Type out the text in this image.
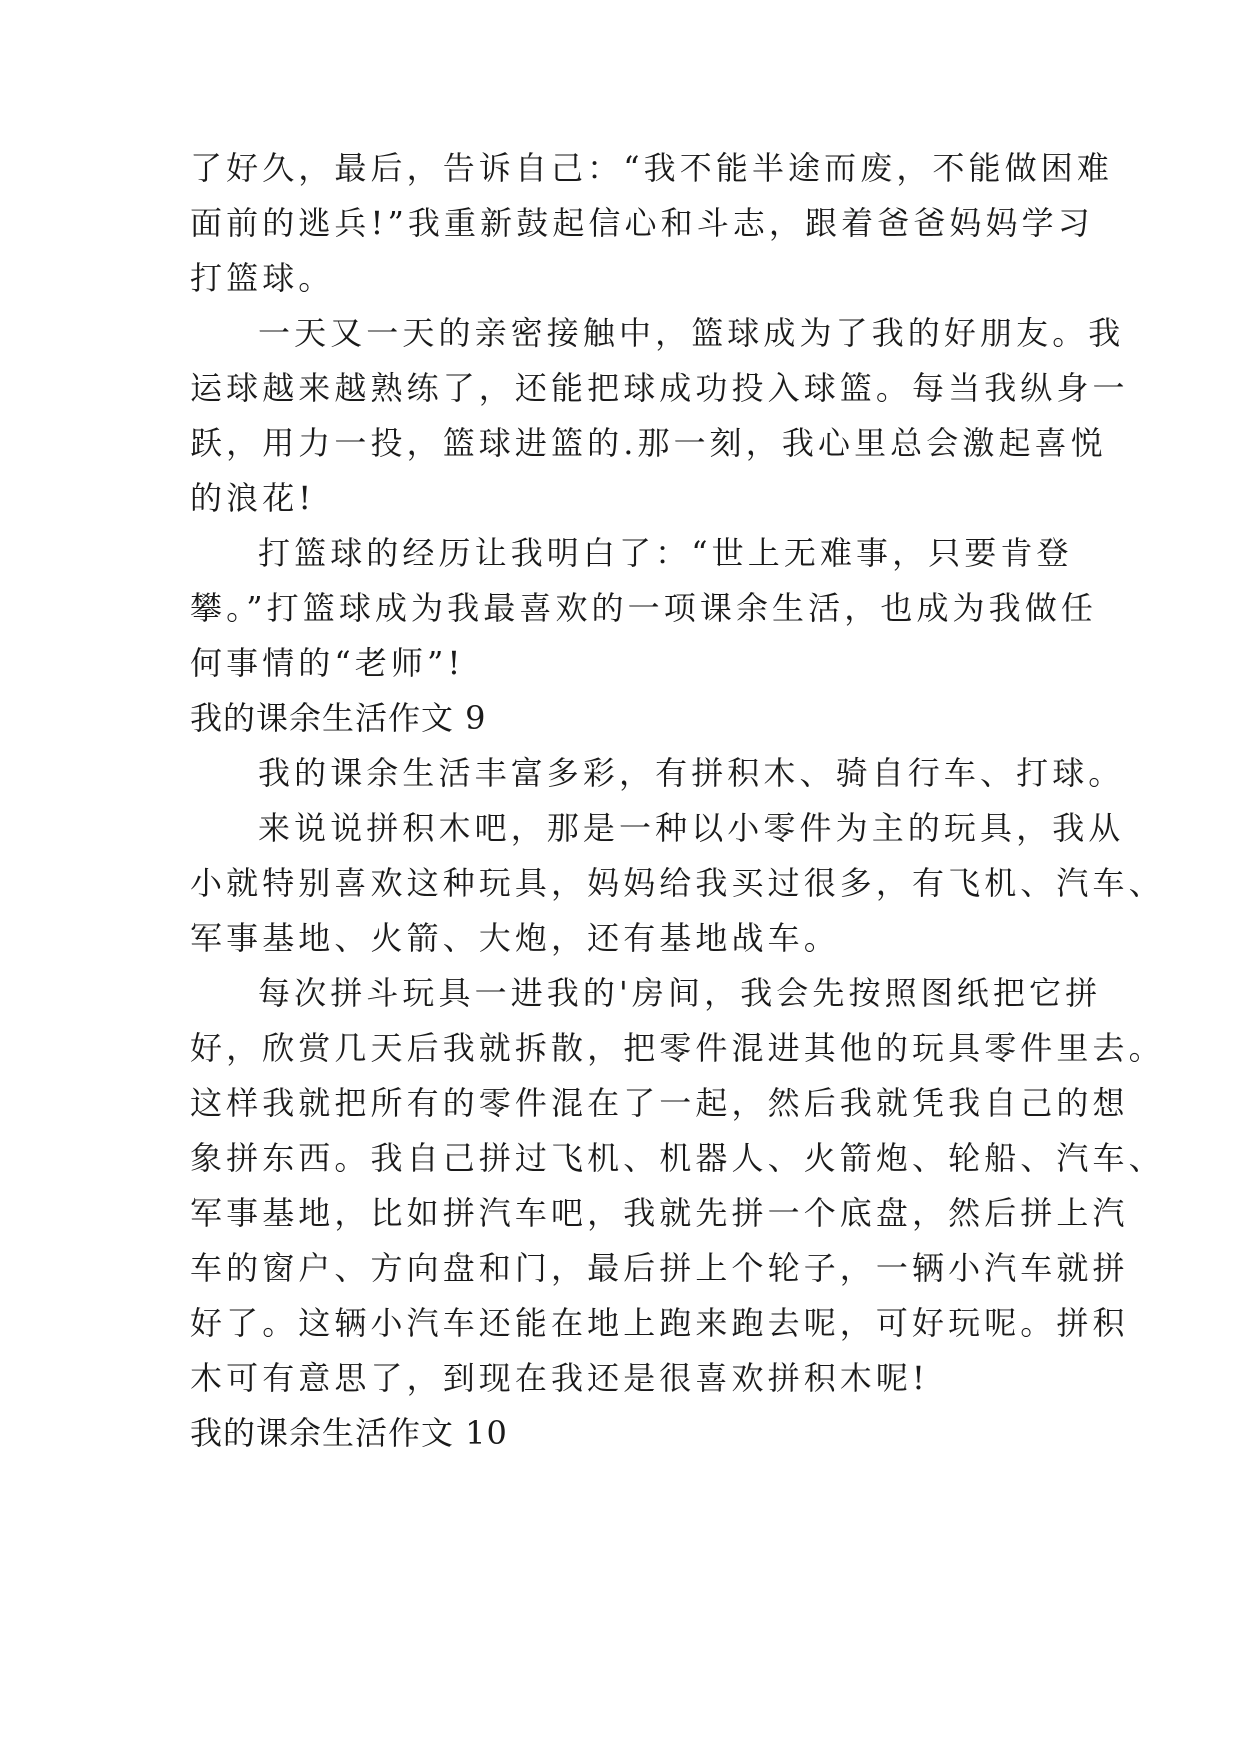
了好久，最后，告诉自己：“我不能半途而废，不能做困难
面前的逃兵!”我重新鼓起信心和斗志，跟着爸爸妈妈学习
打篮球。
一天又一天的亲密接触中，篮球成为了我的好朋友。我
运球越来越熟练了，还能把球成功投入球篮。每当我纵身一
跃，用力一投，篮球进篮的.那一刻，我心里总会激起喜悦
的浪花!
打篮球的经历让我明白了：“世上无难事，只要肯登
攀。”打篮球成为我最喜欢的一项课余生活，也成为我做任
何事情的“老师”!
我的课余生活作文 9
我的课余生活丰富多彩，有拼积木、骑自行车、打球。
来说说拼积木吧，那是一种以小零件为主的玩具，我从
小就特别喜欢这种玩具，妈妈给我买过很多，有飞机、汽车、
军事基地、火箭、大炮，还有基地战车。
每次拼斗玩具一进我的'房间，我会先按照图纸把它拼
好，欣赏几天后我就拆散，把零件混进其他的玩具零件里去。
这样我就把所有的零件混在了一起，然后我就凭我自己的想
象拼东西。我自己拼过飞机、机器人、火箭炮、轮船、汽车、
军事基地，比如拼汽车吧，我就先拼一个底盘，然后拼上汽
车的窗户、方向盘和门，最后拼上个轮子，一辆小汽车就拼
好了。这辆小汽车还能在地上跑来跑去呢，可好玩呢。拼积
木可有意思了，到现在我还是很喜欢拼积木呢!
我的课余生活作文 10
